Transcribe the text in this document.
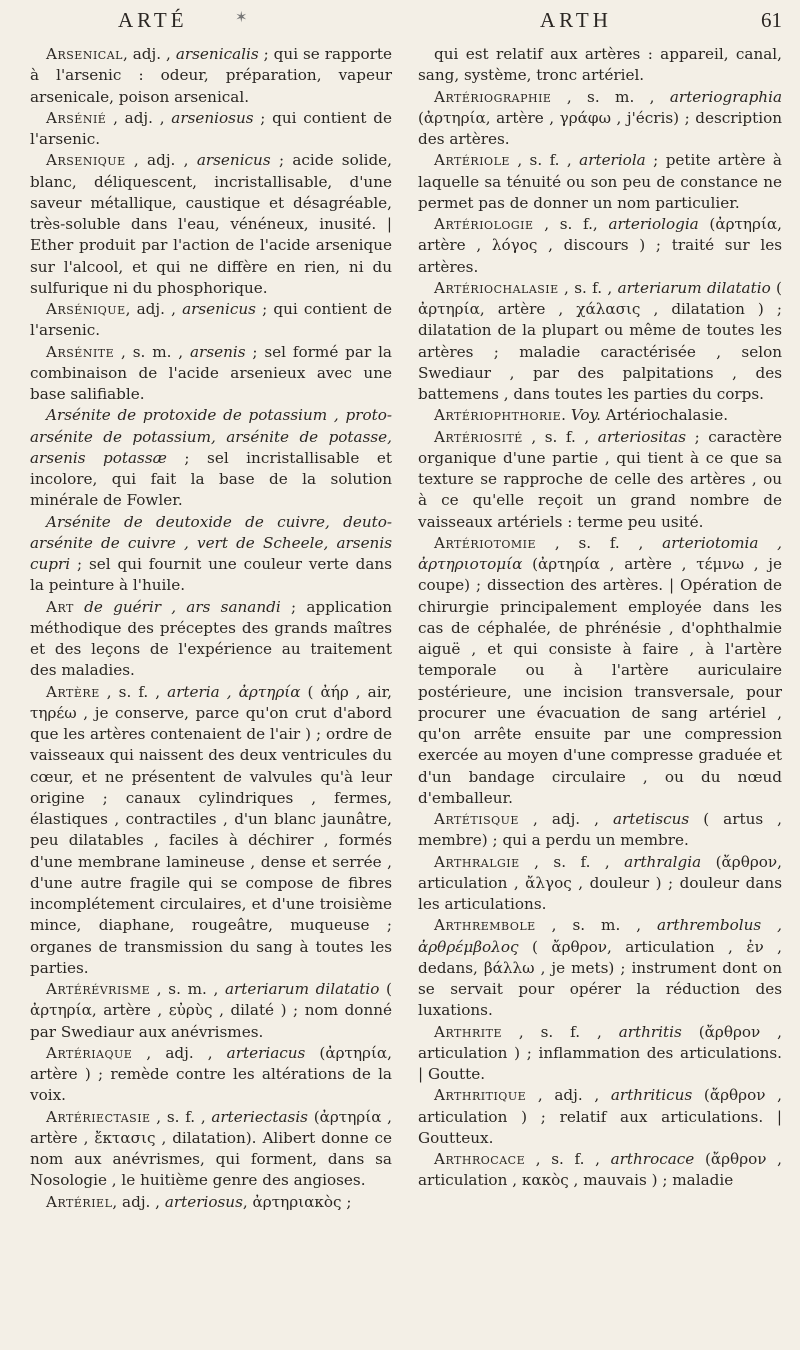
ARTÉ	✶	ARTH	61

Arsenical, adj. , arsenicalis ; qui se rapporte à l'arsenic : odeur, préparation, vapeur arsenicale, poison arsenical.

Arsénié , adj. , arseniosus ; qui contient de l'arsenic.

Arsenique , adj. , arsenicus ; acide solide, blanc, déliquescent, incristallisable, d'une saveur métallique, caustique et désagréable, très-soluble dans l'eau, vénéneux, inusité. | Ether produit par l'action de l'acide arsenique sur l'alcool, et qui ne diffère en rien, ni du sulfurique ni du phosphorique.

Arsénique, adj. , arsenicus ; qui contient de l'arsenic.

Arsénite , s. m. , arsenis ; sel formé par la combinaison de l'acide arsenieux avec une base salifiable.

Arsénite de protoxide de potassium , proto-arsénite de potassium, arsénite de potasse, arsenis potassæ ; sel incristallisable et incolore, qui fait la base de la solution minérale de Fowler.

Arsénite de deutoxide de cuivre, deuto-arsénite de cuivre , vert de Scheele, arsenis cupri ; sel qui fournit une couleur verte dans la peinture à l'huile.

Art de guérir , ars sanandi ; application méthodique des préceptes des grands maîtres et des leçons de l'expérience au traitement des maladies.

Artère , s. f. , arteria , ἀρτηρία ( ἀήρ , air, τηρέω , je conserve, parce qu'on crut d'abord que les artères contenaient de l'air ) ; ordre de vaisseaux qui naissent des deux ventricules du cœur, et ne présentent de valvules qu'à leur origine ; canaux cylindriques , fermes, élastiques , contractiles , d'un blanc jaunâtre, peu dilatables , faciles à déchirer , formés d'une membrane lamineuse , dense et serrée , d'une autre fragile qui se compose de fibres incomplétement circulaires, et d'une troisième mince, diaphane, rougeâtre, muqueuse ; organes de transmission du sang à toutes les parties.

Artérévrisme , s. m. , arteriarum dilatatio ( ἀρτηρία, artère , εὐρὺς , dilaté ) ; nom donné par Swediaur aux anévrismes.

Artériaque , adj. , arteriacus (ἀρτηρία, artère ) ; remède contre les altérations de la voix.

Artériectasie , s. f. , arteriectasis (ἀρτηρία , artère , ἔκτασις , dilatation). Alibert donne ce nom aux anévrismes, qui forment, dans sa Nosologie , le huitième genre des angioses.

Artériel, adj. , arteriosus, ἀρτηριακὸς ;

qui est relatif aux artères : appareil, canal, sang, système, tronc artériel.

Artériographie , s. m. , arteriographia (ἀρτηρία, artère , γράφω , j'écris) ; description des artères.

Artériole , s. f. , arteriola ; petite artère à laquelle sa ténuité ou son peu de constance ne permet pas de donner un nom particulier.

Artériologie , s. f., arteriologia (ἀρτηρία, artère , λόγος , discours ) ; traité sur les artères.

Artériochalasie , s. f. , arteriarum dilatatio ( ἀρτηρία, artère , χάλασις , dilatation ) ; dilatation de la plupart ou même de toutes les artères ; maladie caractérisée , selon Swediaur , par des palpitations , des battemens , dans toutes les parties du corps.

Artériophthorie. Voy. Artériochalasie.

Artériosité , s. f. , arteriositas ; caractère organique d'une partie , qui tient à ce que sa texture se rapproche de celle des artères , ou à ce qu'elle reçoit un grand nombre de vaisseaux artériels : terme peu usité.

Artériotomie , s. f. , arteriotomia , ἀρτηριοτομία (ἀρτηρία , artère , τέμνω , je coupe) ; dissection des artères. | Opération de chirurgie principalement employée dans les cas de céphalée, de phrénésie , d'ophthalmie aiguë , et qui consiste à faire , à l'artère temporale ou à l'artère auriculaire postérieure, une incision transversale, pour procurer une évacuation de sang artériel , qu'on arrête ensuite par une compression exercée au moyen d'une compresse graduée et d'un bandage circulaire , ou du nœud d'emballeur.

Artétisque , adj. , artetiscus ( artus , membre) ; qui a perdu un membre.

Arthralgie , s. f. , arthralgia (ἄρθρον, articulation , ἄλγος , douleur ) ; douleur dans les articulations.

Arthrembole , s. m. , arthrembolus , ἀρθρέμβολος ( ἄρθρον, articulation , ἐν , dedans, βάλλω , je mets) ; instrument dont on se servait pour opérer la réduction des luxations.

Arthrite , s. f. , arthritis (ἄρθρον , articulation ) ; inflammation des articulations. | Goutte.

Arthritique , adj. , arthriticus (ἄρθρον , articulation ) ; relatif aux articulations. | Goutteux.

Arthrocace , s. f. , arthrocace (ἄρθρον , articulation , κακὸς , mauvais ) ; maladie
